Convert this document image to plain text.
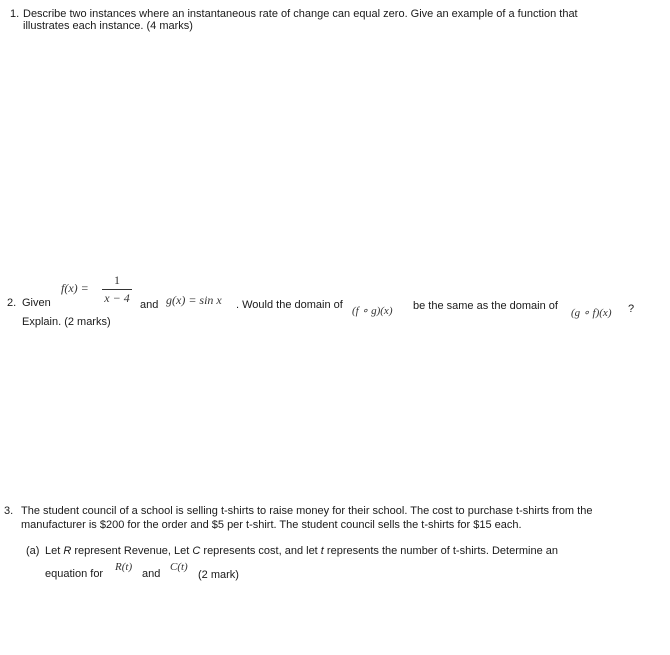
1. Describe two instances where an instantaneous rate of change can equal zero. Give an example of a function that
illustrates each instance. (4 marks)
2. Given
f(x) =
1
x − 4 and g(x) = sin x . Would the domain of (f ∘ g)(x) be the same as the domain of
(g ∘ f)(x) ?
Explain. (2 marks)
3. The student council of a school is selling t-shirts to raise money for their school. The cost to purchase t-shirts from the
manufacturer is $200 for the order and $5 per t-shirt. The student council sells the t-shirts for $15 each.
(a) Let R represent Revenue, Let C represents cost, and let t represents the number of t-shirts. Determine an
equation for
R(t)
and
C(t)
(2 mark)
